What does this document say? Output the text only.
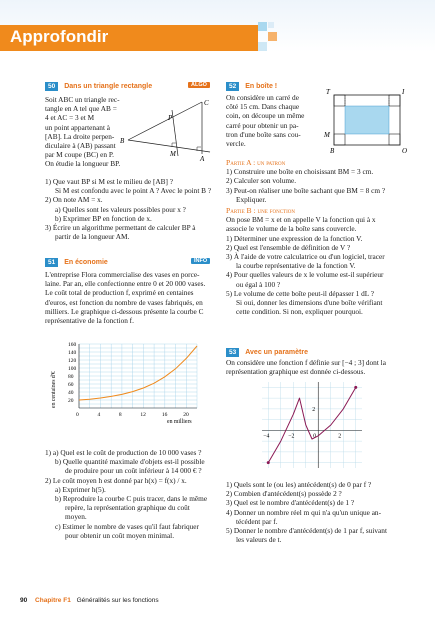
Approfondir
50	Dans un triangle rectangle	ALGO

Soit ABC un triangle rec-

tangle en A tel que AB =

4 et AC = 3 et M

un point appartenant à

[AB]. La droite perpen-

diculaire à (AB) passant

par M coupe (BC) en P.

On étudie la longueur BP.

C
P
B
M
A

1) Que vaut BP si M est le milieu de [AB] ?

Si M est confondu avec le point A ? Avec le point B ?

2) On note AM = x.

a) Quelles sont les valeurs possibles pour x ?

b) Exprimer BP en fonction de x.

3) Écrire un algorithme permettant de calculer BP à

partir de la longueur AM.

51	En économie	INFO

L'entreprise Flora commercialise des vases en porce-

laine. Par an, elle confectionne entre 0 et 20 000 vases.

Le coût total de production f, exprimé en centaines

d'euros, est fonction du nombre de vases fabriqués, en

milliers. Le graphique ci-dessous présente la courbe C

représentative de la fonction f.

0	4	8	12	16	20
20
40
60
80
100
120
140
160
en milliers
en centaines d'€

1) a) Quel est le coût de production de 10 000 vases ?

b) Quelle quantité maximale d'objets est-il possible

de produire pour un coût inférieur à 14 000 € ?

2) Le coût moyen h est donné par h(x) = f(x) / x.

a) Exprimer h(5).

b) Reproduire la courbe C puis tracer, dans le même

repère, la représentation graphique du coût

moyen.

c) Estimer le nombre de vases qu'il faut fabriquer

pour obtenir un coût moyen minimal.

52	En boîte !

On considère un carré de

côté 15 cm. Dans chaque

coin, on découpe un même

carré pour obtenir un pa-

tron d'une boîte sans cou-

vercle.

T	I
M
B	O

Partie A : un patron

1) Construire une boîte en choisissant BM = 3 cm.

2) Calculer son volume.

3) Peut-on réaliser une boîte sachant que BM = 8 cm ?

Expliquer.

Partie B : une fonction

On pose BM = x et on appelle V la fonction qui à x

associe le volume de la boîte sans couvercle.

1) Déterminer une expression de la fonction V.

2) Quel est l'ensemble de définition de V ?

3) À l'aide de votre calculatrice ou d'un logiciel, tracer

la courbe représentative de la fonction V.

4) Pour quelles valeurs de x le volume est-il supérieur

ou égal à 100 ?

5) Le volume de cette boîte peut-il dépasser 1 dL ?

Si oui, donner les dimensions d'une boîte vérifiant

cette condition. Si non, expliquer pourquoi.

53	Avec un paramètre

On considère une fonction f définie sur [−4 ; 3] dont la

représentation graphique est donnée ci-dessous.

−4	−2	0	2
2

1) Quels sont le (ou les) antécédent(s) de 0 par f ?

2) Combien d'antécédent(s) possède 2 ?

3) Quel est le nombre d'antécédent(s) de 1 ?

4) Donner un nombre réel m qui n'a qu'un unique an-

técédent par f.

5) Donner le nombre d'antécédent(s) de 1 par f, suivant

les valeurs de t.

90 Chapitre F1 Généralités sur les fonctions
